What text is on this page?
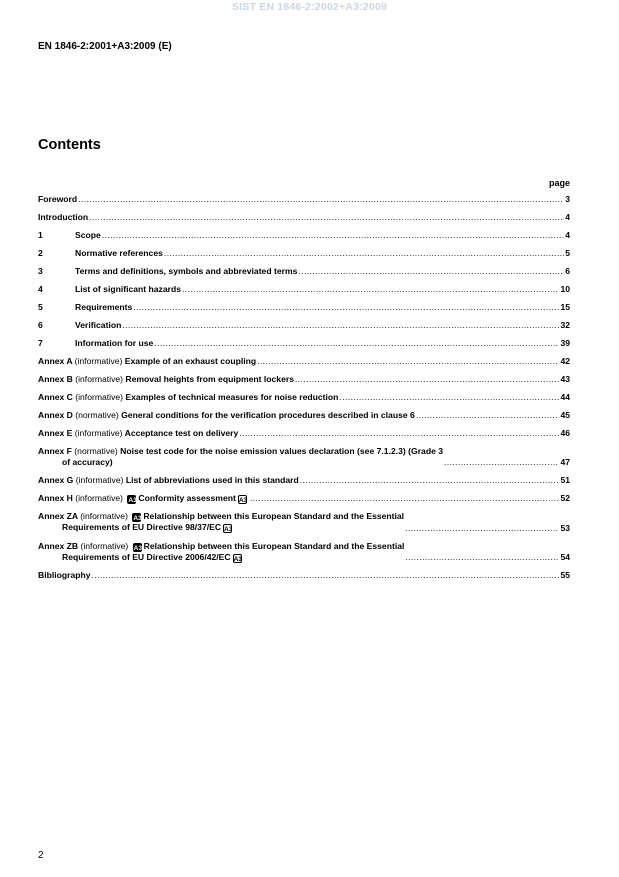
SIST EN 1846-2:2002+A3:2009
EN 1846-2:2001+A3:2009 (E)
Contents
page
Foreword .....	3
Introduction .....	4
1	Scope .....	4
2	Normative references .....	5
3	Terms and definitions, symbols and abbreviated terms .....	6
4	List of significant hazards .....	10
5	Requirements .....	15
6	Verification .....	32
7	Information for use .....	39
Annex A (informative) Example of an exhaust coupling .....	42
Annex B (informative) Removal heights from equipment lockers .....	43
Annex C (informative) Examples of technical measures for noise reduction .....	44
Annex D (normative) General conditions for the verification procedures described in clause 6 .....	45
Annex E (informative) Acceptance test on delivery .....	46
Annex F (normative) Noise test code for the noise emission values declaration (see 7.1.2.3) (Grade 3
of accuracy) .....	47
Annex G (informative) List of abbreviations used in this standard .....	51
Annex H (informative) A3 Conformity assessment A3 .....	52
Annex ZA (informative) A3 Relationship between this European Standard and the Essential
Requirements of EU Directive 98/37/EC A3 .....	53
Annex ZB (informative) A3 Relationship between this European Standard and the Essential
Requirements of EU Directive 2006/42/EC A3 .....	54
Bibliography .....	55
2
